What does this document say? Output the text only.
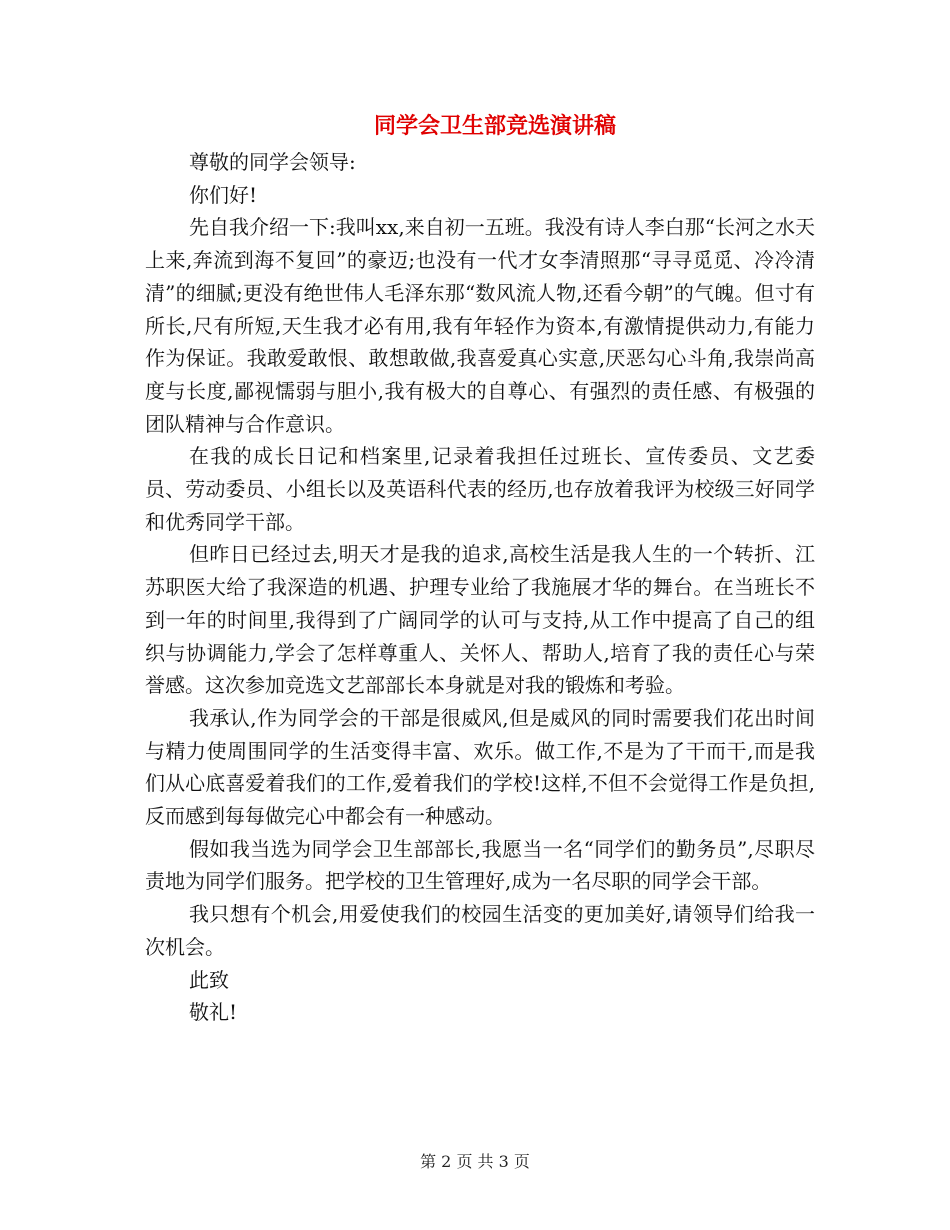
同学会卫生部竞选演讲稿

尊敬的同学会领导:

你们好!

先自我介绍一下:我叫xx,来自初一五班。我没有诗人李白那“长河之水天上来,奔流到海不复回”的豪迈;也没有一代才女李清照那“寻寻觅觅、冷冷清清”的细腻;更没有绝世伟人毛泽东那“数风流人物,还看今朝”的气魄。但寸有所长,尺有所短,天生我才必有用,我有年轻作为资本,有激情提供动力,有能力作为保证。我敢爱敢恨、敢想敢做,我喜爱真心实意,厌恶勾心斗角,我崇尚高度与长度,鄙视懦弱与胆小,我有极大的自尊心、有强烈的责任感、有极强的团队精神与合作意识。

在我的成长日记和档案里,记录着我担任过班长、宣传委员、文艺委员、劳动委员、小组长以及英语科代表的经历,也存放着我评为校级三好同学和优秀同学干部。

但昨日已经过去,明天才是我的追求,高校生活是我人生的一个转折、江苏职医大给了我深造的机遇、护理专业给了我施展才华的舞台。在当班长不到一年的时间里,我得到了广阔同学的认可与支持,从工作中提高了自己的组织与协调能力,学会了怎样尊重人、关怀人、帮助人,培育了我的责任心与荣誉感。这次参加竞选文艺部部长本身就是对我的锻炼和考验。

我承认,作为同学会的干部是很威风,但是威风的同时需要我们花出时间与精力使周围同学的生活变得丰富、欢乐。做工作,不是为了干而干,而是我们从心底喜爱着我们的工作,爱着我们的学校!这样,不但不会觉得工作是负担,反而感到每每做完心中都会有一种感动。

假如我当选为同学会卫生部部长,我愿当一名“同学们的勤务员”,尽职尽责地为同学们服务。把学校的卫生管理好,成为一名尽职的同学会干部。

我只想有个机会,用爱使我们的校园生活变的更加美好,请领导们给我一次机会。

此致

敬礼!

第 2 页 共 3 页
